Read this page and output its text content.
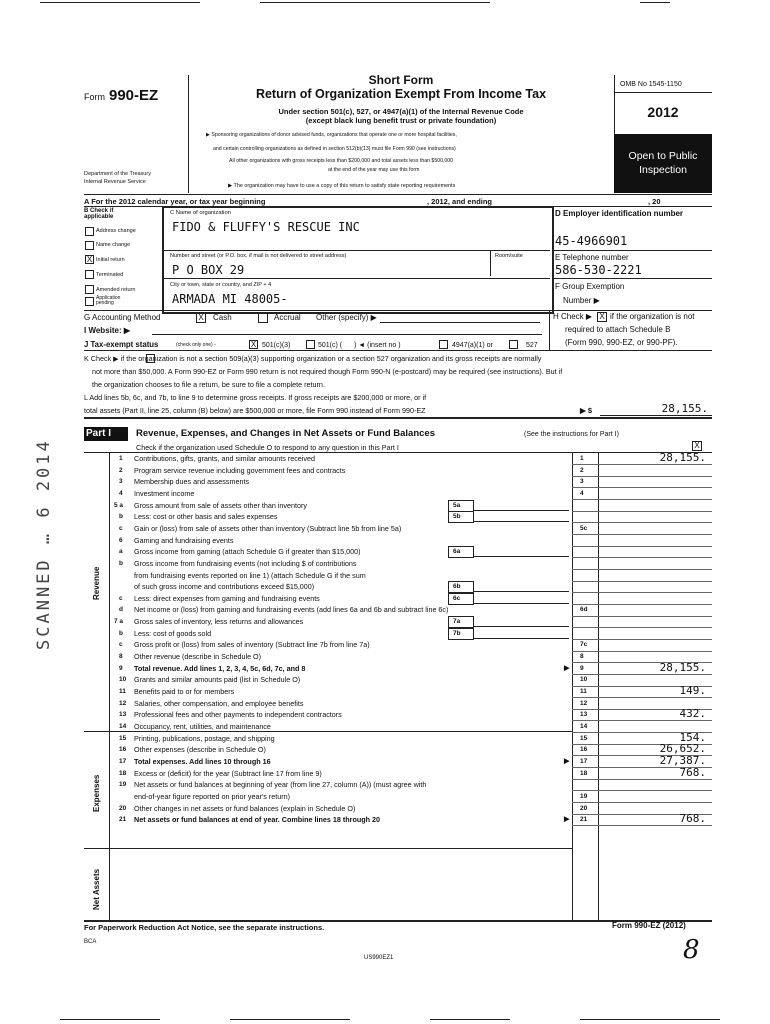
SCANNED … 6 2014
Form 990-EZ
Department of the Treasury
Internal Revenue Service
Short Form
Return of Organization Exempt From Income Tax
Under section 501(c), 527, or 4947(a)(1) of the Internal Revenue Code
(except black lung benefit trust or private foundation)
▶ Sponsoring organizations of donor advised funds, organizations that operate one or more hospital facilities,
and certain controlling organizations as defined in section 512(b)(13) must file Form 990 (see instructions)
All other organizations with gross receipts less than $200,000 and total assets less than $500,000
at the end of the year may use this form
▶ The organization may have to use a copy of this return to satisfy state reporting requirements
OMB No 1545-1150
2012
Open to Public
Inspection
A For the 2012 calendar year, or tax year beginning	, 2012, and ending	, 20
B Check if applicable
Address change
Name change
X Initial return
Terminated
Amended return
Application pending
C Name of organization
FIDO & FLUFFY'S RESCUE INC
Number and street (or P.O. box, if mail is not delivered to street address)	Room/suite
P O BOX 29
City or town, state or country, and ZIP + 4
ARMADA MI 48005-
D Employer identification number
45-4966901
E Telephone number
586-530-2221
F Group Exemption
Number ▶
G Accounting Method	X Cash	Accrual Other (specify) ▶	H Check ▶ X if the organization is not
required to attach Schedule B
(Form 990, 990-EZ, or 990-PF).
I Website: ▶
J Tax-exempt status	(check only one) -	X 501(c)(3)	501(c) ( ) ◄ (insert no )	4947(a)(1) or	527
K Check ▶ if the organization is not a section 509(a)(3) supporting organization or a section 527 organization and its gross receipts are normally
not more than $50,000. A Form 990-EZ or Form 990 return is not required though Form 990-N (e-postcard) may be required (see instructions). But if
the organization chooses to file a return, be sure to file a complete return.
L Add lines 5b, 6c, and 7b, to line 9 to determine gross receipts. If gross receipts are $200,000 or more, or if
total assets (Part II, line 25, column (B) below) are $500,000 or more, file Form 990 instead of Form 990-EZ	▶ $	28,155.
Part I	Revenue, Expenses, and Changes in Net Assets or Fund Balances	(See the instructions for Part I)
Check if the organization used Schedule O to respond to any question in this Part I	X
Revenue
Expenses
Net Assets
1 Contributions, gifts, grants, and similar amounts received	1	28,155.
2 Program service revenue including government fees and contracts	2
3 Membership dues and assessments	3
4 Investment income	4
5 a Gross amount from sale of assets other than inventory	5a
b Less: cost or other basis and sales expenses	5b
c Gain or (loss) from sale of assets other than inventory (Subtract line 5b from line 5a)	5c
6 Gaming and fundraising events
a Gross income from gaming (attach Schedule G if greater than $15,000)	6a
b Gross income from fundraising events (not including $ of contributions
from fundraising events reported on line 1) (attach Schedule G if the sum
of such gross income and contributions exceed $15,000)	6b
c Less: direct expenses from gaming and fundraising events	6c
d Net income or (loss) from gaming and fundraising events (add lines 6a and 6b and subtract line 6c)	6d
7 a Gross sales of inventory, less returns and allowances	7a
b Less: cost of goods sold	7b
c Gross profit or (loss) from sales of inventory (Subtract line 7b from line 7a)	7c
8 Other revenue (describe in Schedule O)	8
9 Total revenue. Add lines 1, 2, 3, 4, 5c, 6d, 7c, and 8	▶ 9	28,155.
10 Grants and similar amounts paid (list in Schedule O)	10
11 Benefits paid to or for members	11	149.
12 Salaries, other compensation, and employee benefits	12
13 Professional fees and other payments to independent contractors	13	432.
14 Occupancy, rent, utilities, and maintenance	14
15 Printing, publications, postage, and shipping	15	154.
16 Other expenses (describe in Schedule O)	16	26,652.
17 Total expenses. Add lines 10 through 16	▶ 17	27,387.
18 Excess or (deficit) for the year (Subtract line 17 from line 9)	18	768.
19 Net assets or fund balances at beginning of year (from line 27, column (A)) (must agree with
end-of-year figure reported on prior year's return)	19
20 Other changes in net assets or fund balances (explain in Schedule O)	20
21 Net assets or fund balances at end of year. Combine lines 18 through 20	▶ 21	768.
For Paperwork Reduction Act Notice, see the separate instructions.	Form 990-EZ (2012)
BCA
US990EZ1	8
